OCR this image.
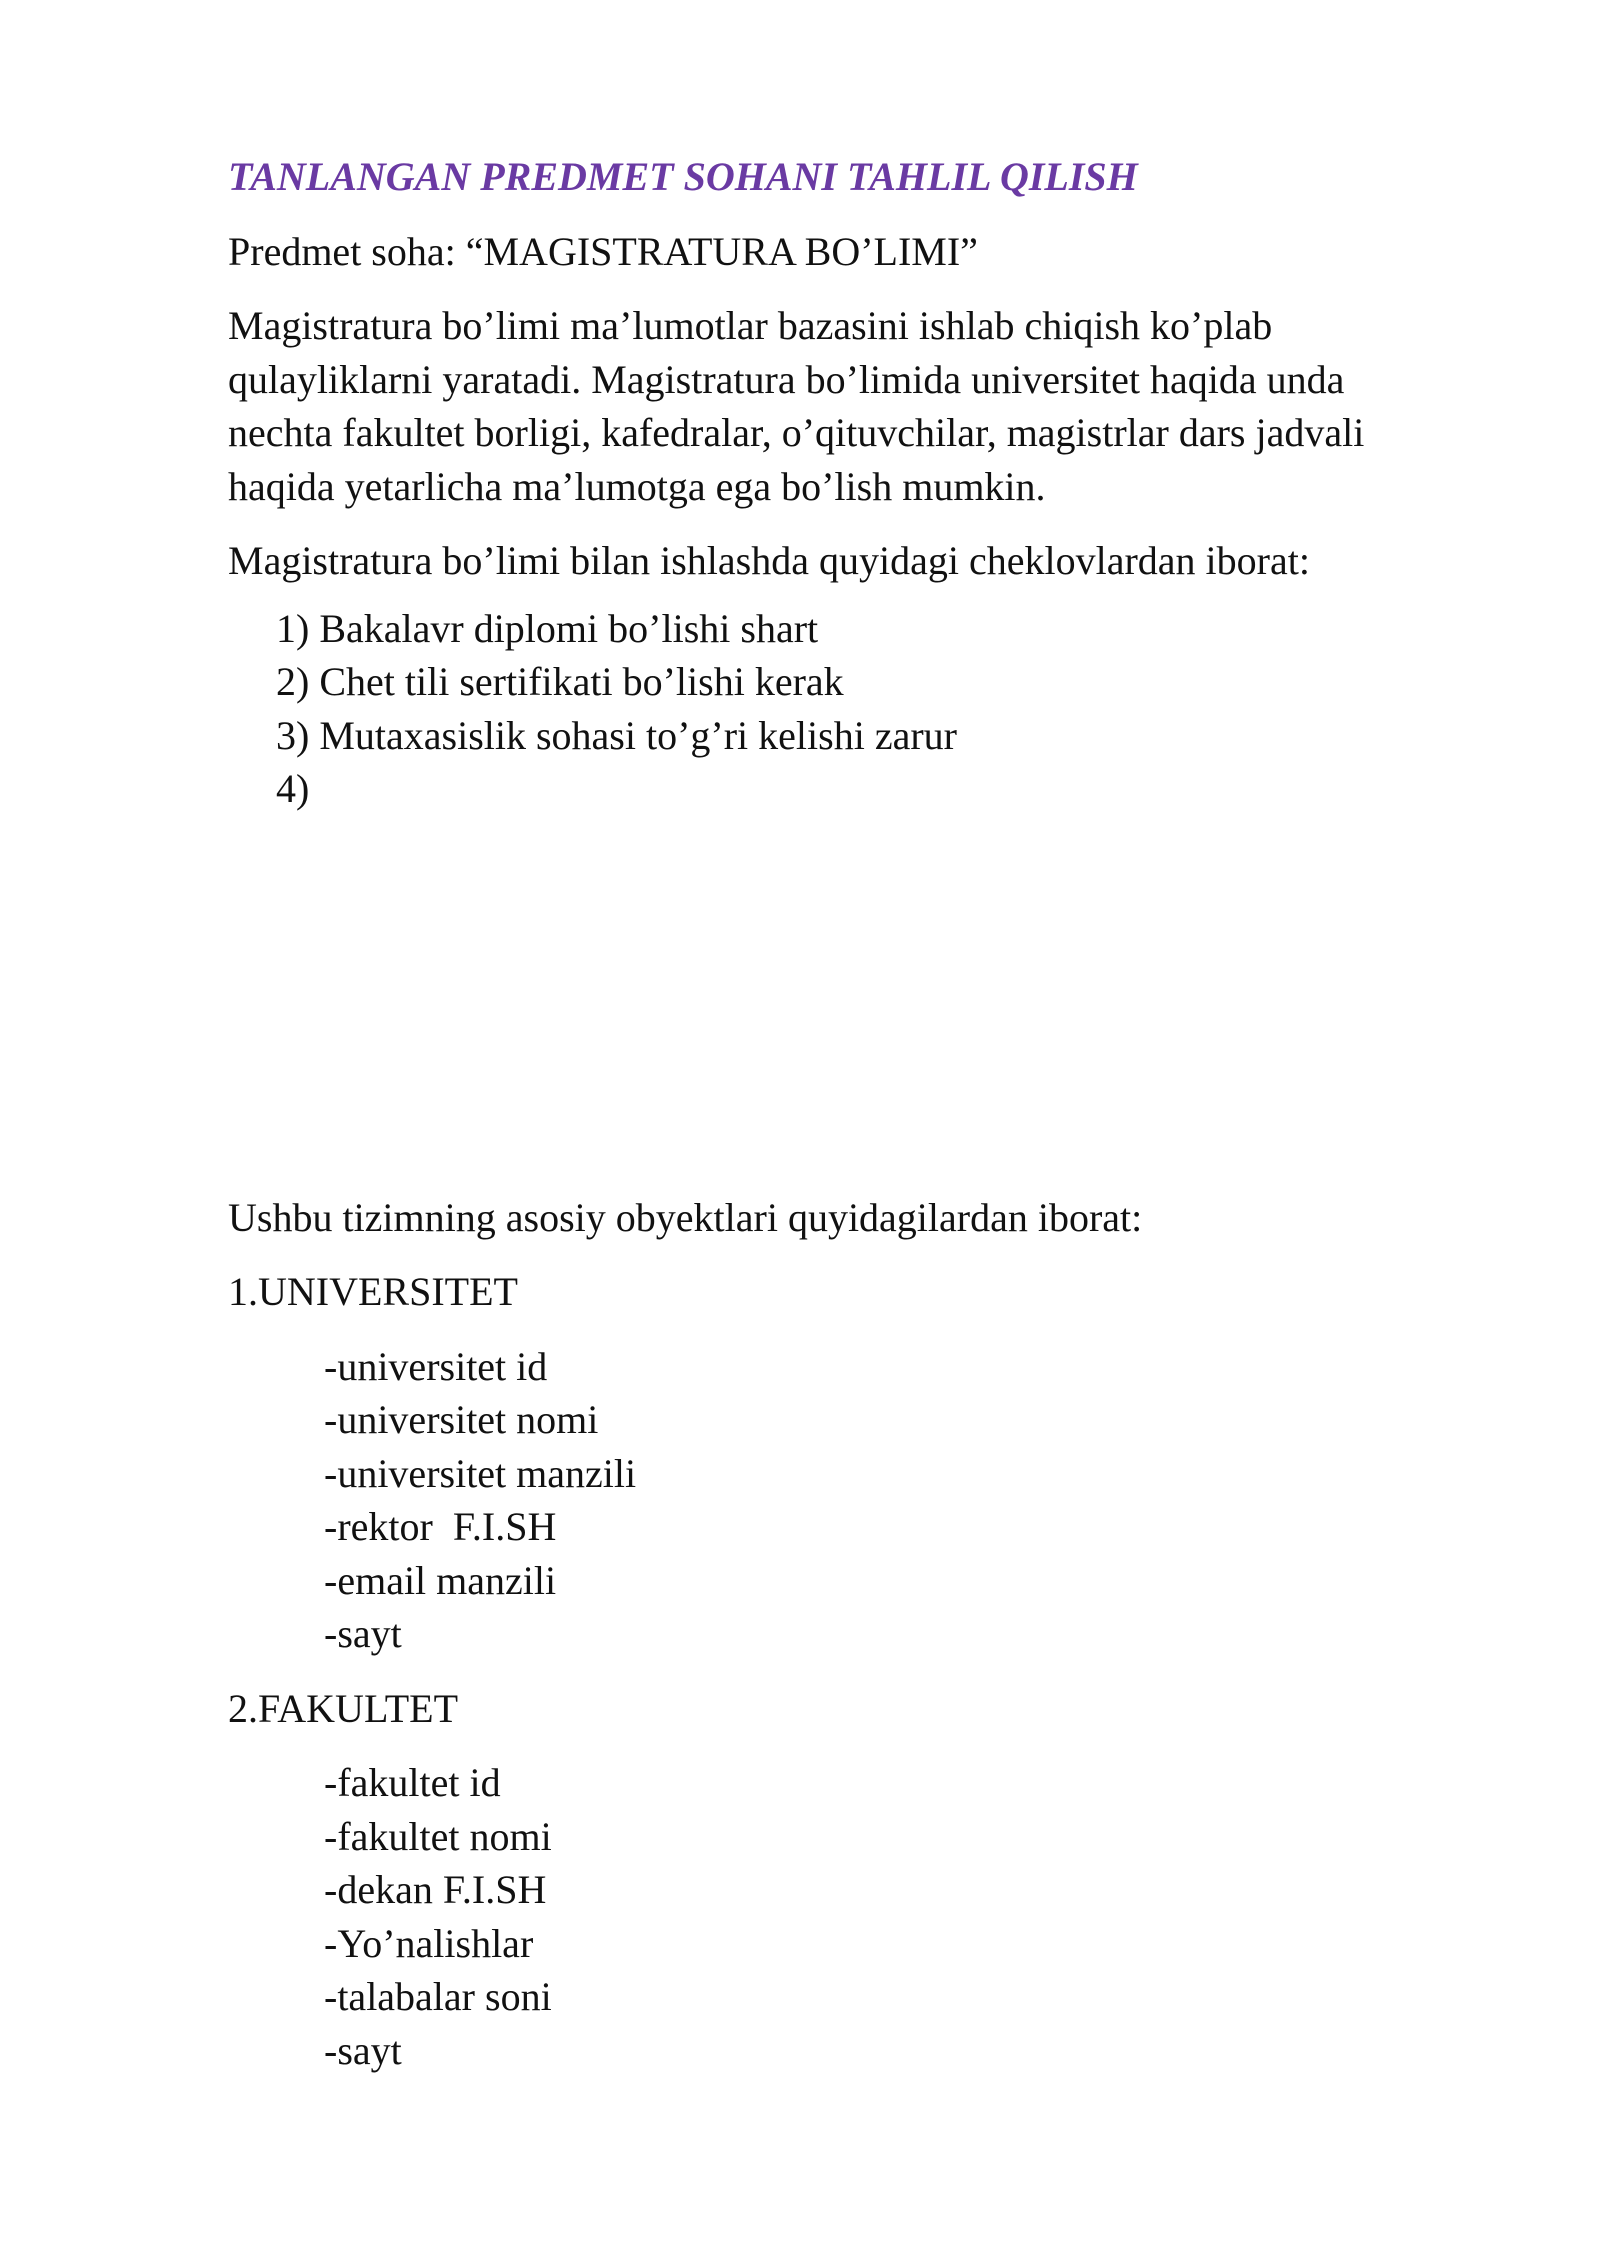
TANLANGAN PREDMET SOHANI TAHLIL QILISH
Predmet soha: “MAGISTRATURA BO’LIMI”
Magistratura bo’limi ma’lumotlar bazasini ishlab chiqish ko’plab qulayliklarni yaratadi. Magistratura bo’limida universitet haqida unda nechta fakultet borligi, kafedralar, o’qituvchilar, magistrlar dars jadvali haqida yetarlicha ma’lumotga ega bo’lish mumkin.
Magistratura bo’limi bilan ishlashda quyidagi cheklovlardan iborat:
1) Bakalavr diplomi bo’lishi shart
2) Chet tili sertifikati bo’lishi kerak
3) Mutaxasislik sohasi to’g’ri kelishi zarur
4)
Ushbu tizimning asosiy obyektlari quyidagilardan iborat:
1.UNIVERSITET
-universitet id
-universitet nomi
-universitet manzili
-rektor  F.I.SH
-email manzili
-sayt
2.FAKULTET
-fakultet id
-fakultet nomi
-dekan F.I.SH
-Yo’nalishlar
-talabalar soni
-sayt
